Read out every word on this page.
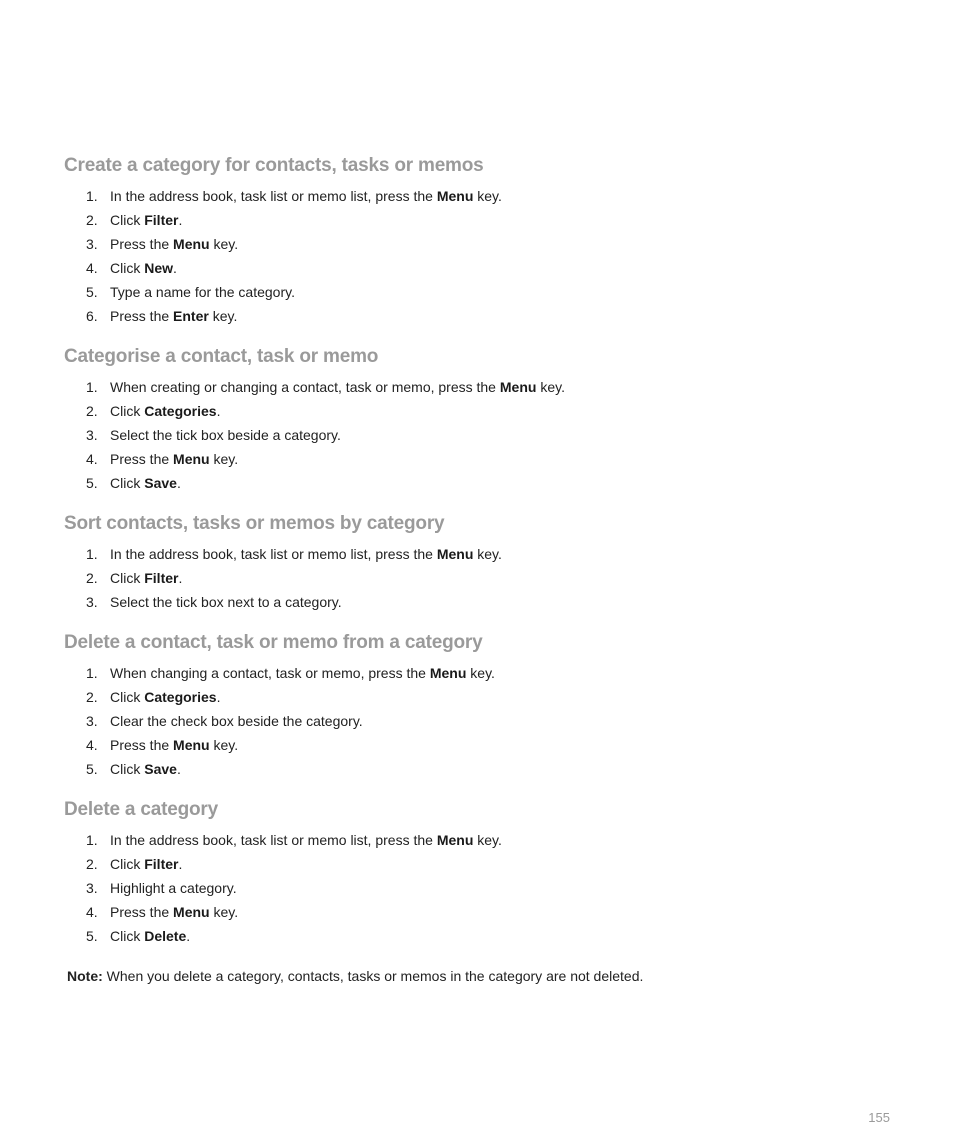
Create a category for contacts, tasks or memos
1. In the address book, task list or memo list, press the Menu key.
2. Click Filter.
3. Press the Menu key.
4. Click New.
5. Type a name for the category.
6. Press the Enter key.
Categorise a contact, task or memo
1. When creating or changing a contact, task or memo, press the Menu key.
2. Click Categories.
3. Select the tick box beside a category.
4. Press the Menu key.
5. Click Save.
Sort contacts, tasks or memos by category
1. In the address book, task list or memo list, press the Menu key.
2. Click Filter.
3. Select the tick box next to a category.
Delete a contact, task or memo from a category
1. When changing a contact, task or memo, press the Menu key.
2. Click Categories.
3. Clear the check box beside the category.
4. Press the Menu key.
5. Click Save.
Delete a category
1. In the address book, task list or memo list, press the Menu key.
2. Click Filter.
3. Highlight a category.
4. Press the Menu key.
5. Click Delete.

Note: When you delete a category, contacts, tasks or memos in the category are not deleted.

155
